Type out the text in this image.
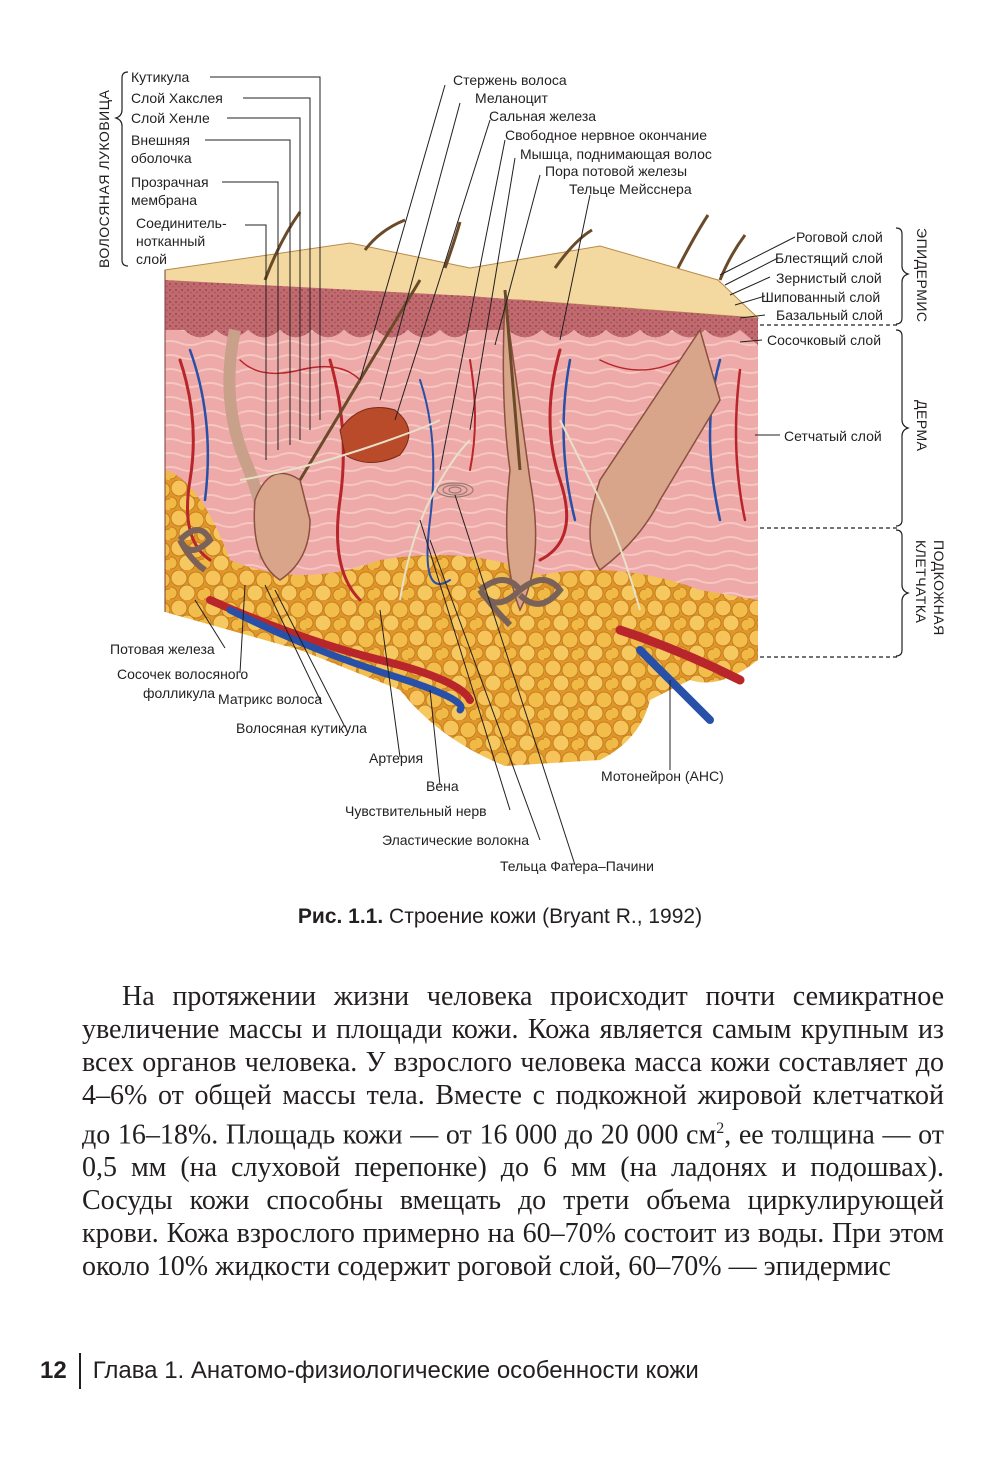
ВОЛОСЯНАЯ ЛУКОВИЦА
ЭПИДЕРМИС
ДЕРМА
ПОДКОЖНАЯ КЛЕТЧАТКА
Кутикула
Слой Хакслея
Слой Хенле
Внешняя
оболочка
Прозрачная
мембрана
Соединитель-
нотканный
слой
Стержень волоса
Меланоцит
Сальная железа
Свободное нервное окончание
Мышца, поднимающая волос
Пора потовой железы
Тельце Мейсснера
Роговой слой
Блестящий слой
Зернистый слой
Шипованный слой
Базальный слой
Сосочковый слой
Сетчатый слой
Потовая железа
Сосочек волосяного
фолликула Матрикс волоса
Волосяная кутикула
Артерия
Вена
Чувствительный нерв
Эластические волокна
Тельца Фатера–Пачини
Мотонейрон (АНС)
Рис. 1.1. Строение кожи (Bryant R., 1992)

На протяжении жизни человека происходит почти семикратное увеличение массы и площади кожи. Кожа является самым крупным из всех органов человека. У взрослого человека масса кожи составляет до 4–6% от общей массы тела. Вместе с подкожной жировой клетчаткой до 16–18%. Площадь кожи — от 16 000 до 20 000 $см^2$, ее толщина — от 0,5 мм (на слуховой перепонке) до 6 мм (на ладонях и подошвах). Сосуды кожи способны вмещать до трети объема циркулирующей крови. Кожа взрослого примерно на 60–70% состоит из воды. При этом около 10% жидкости содержит роговой слой, 60–70% — эпидермис

12	Глава 1. Анатомо-физиологические особенности кожи
